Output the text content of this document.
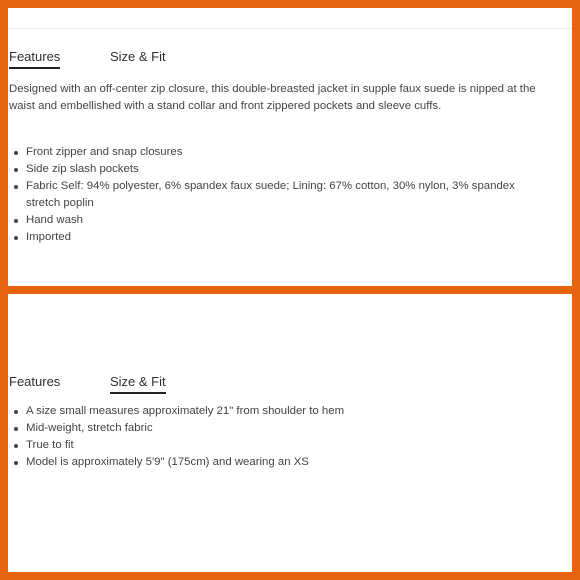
Features	Size & Fit

Designed with an off-center zip closure, this double-breasted jacket in supple faux suede is nipped at the waist and embellished with a stand collar and front zippered pockets and sleeve cuffs.

Front zipper and snap closures
Side zip slash pockets
Fabric Self: 94% polyester, 6% spandex faux suede; Lining: 67% cotton, 30% nylon, 3% spandex stretch poplin
Hand wash
Imported
Features	Size & Fit
A size small measures approximately 21" from shoulder to hem
Mid-weight, stretch fabric
True to fit
Model is approximately 5'9" (175cm) and wearing an XS
